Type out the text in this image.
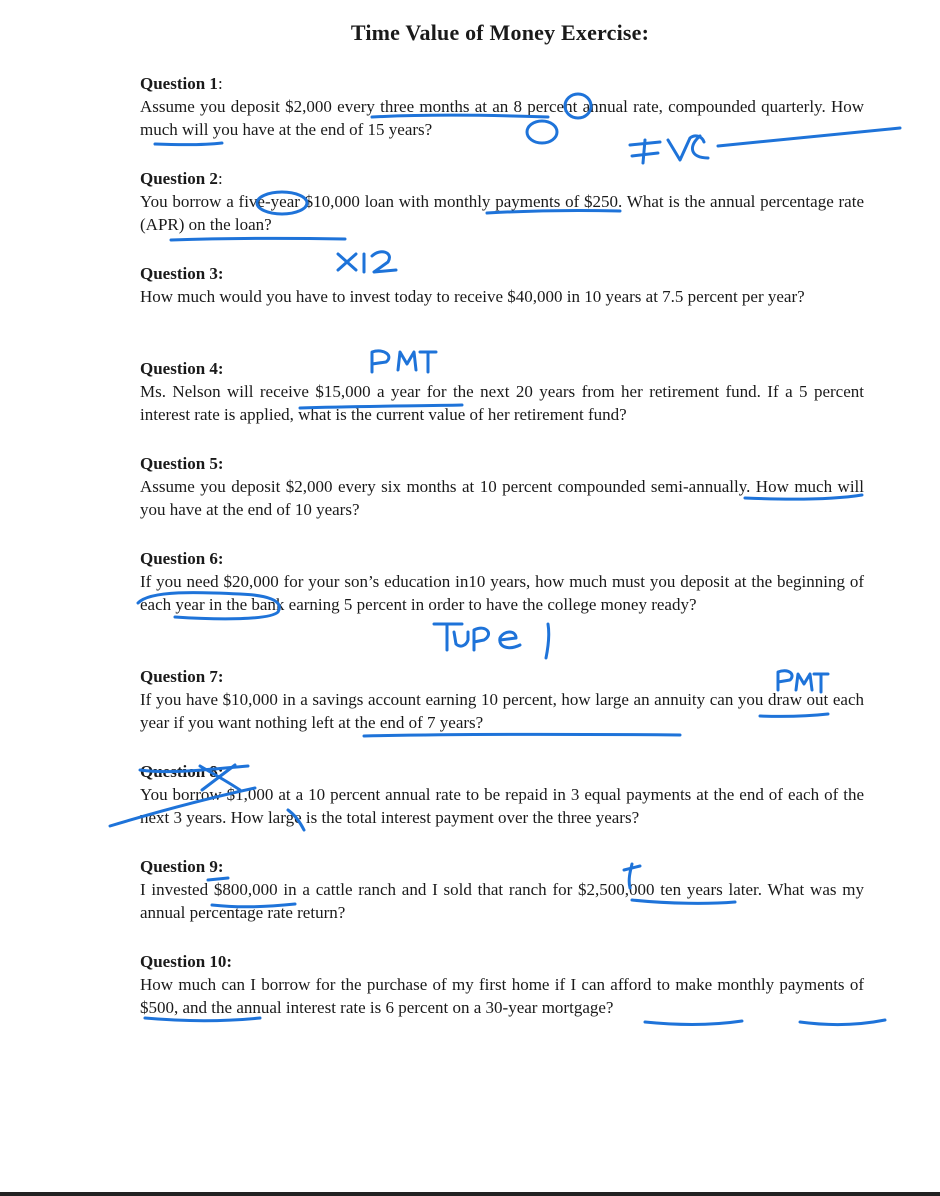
Time Value of Money Exercise:

Question 1:

Assume you deposit $2,000 every three months at an 8 percent annual rate, compounded quarterly. How much will you have at the end of 15 years?

Question 2:

You borrow a five-year $10,000 loan with monthly payments of $250. What is the annual percentage rate (APR) on the loan?

Question 3:

How much would you have to invest today to receive $40,000 in 10 years at 7.5 percent per year?

Question 4:

Ms. Nelson will receive $15,000 a year for the next 20 years from her retirement fund. If a 5 percent interest rate is applied, what is the current value of her retirement fund?

Question 5:

Assume you deposit $2,000 every six months at 10 percent compounded semi-annually. How much will you have at the end of 10 years?

Question 6:

If you need $20,000 for your son’s education in10 years, how much must you deposit at the beginning of each year in the bank earning 5 percent in order to have the college money ready?

Question 7:

If you have $10,000 in a savings account earning 10 percent, how large an annuity can you draw out each year if you want nothing left at the end of 7 years?

Question 8:

You borrow $1,000 at a 10 percent annual rate to be repaid in 3 equal payments at the end of each of the next 3 years. How large is the total interest payment over the three years?

Question 9:

I invested $800,000 in a cattle ranch and I sold that ranch for $2,500,000 ten years later. What was my annual percentage rate return?

Question 10:

How much can I borrow for the purchase of my first home if I can afford to make monthly payments of $500, and the annual interest rate is 6 percent on a 30-year mortgage?
